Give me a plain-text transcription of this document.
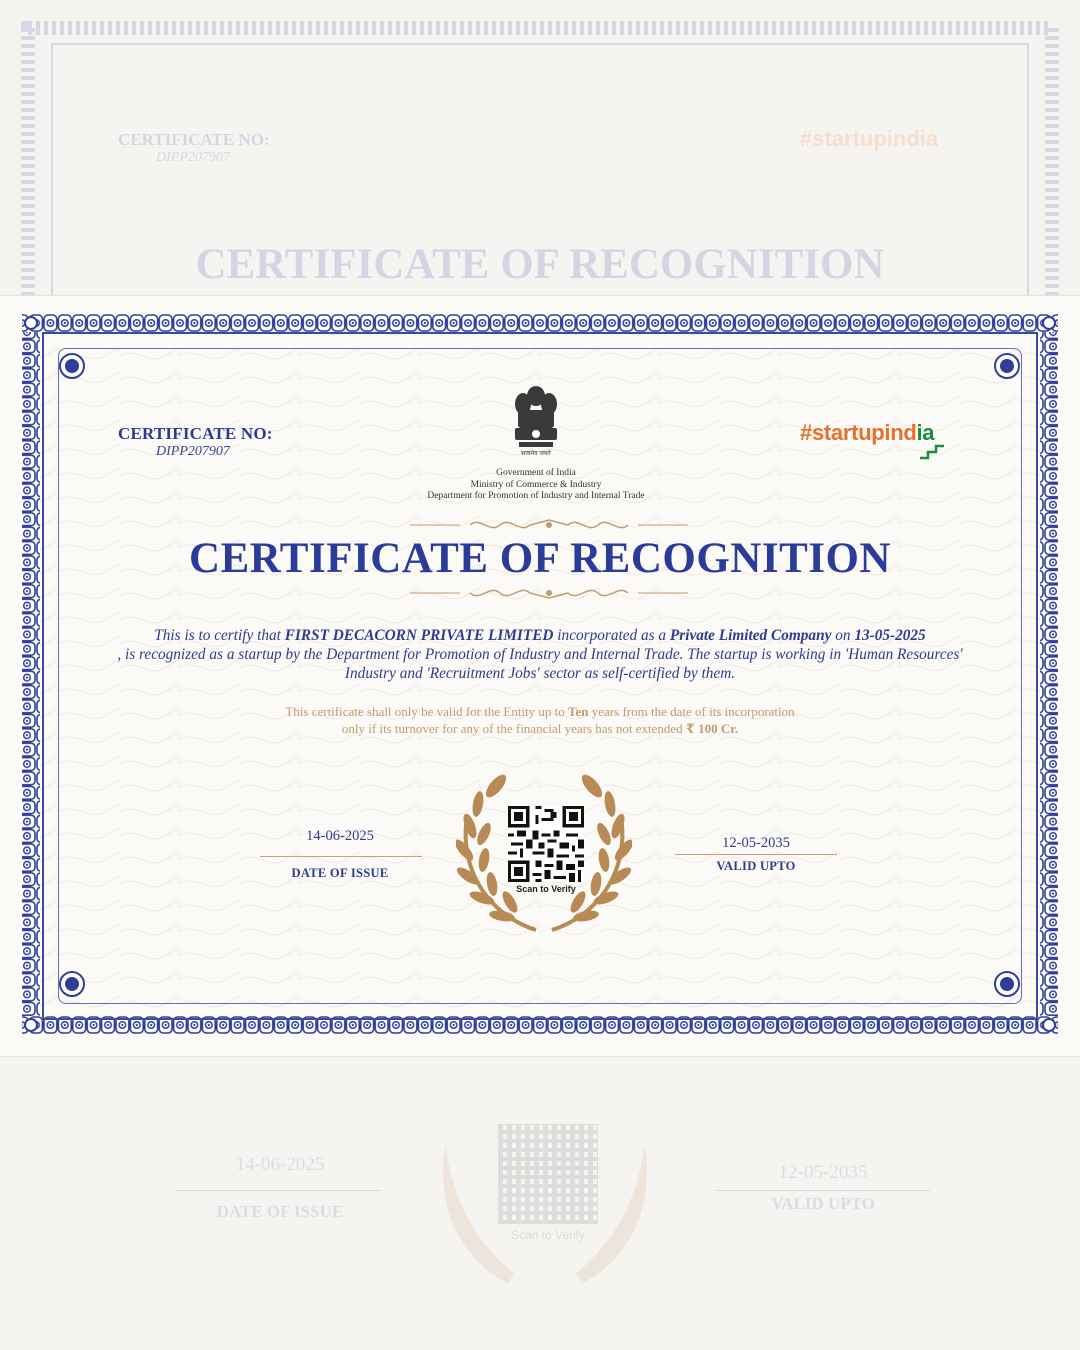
CERTIFICATE NO:
DIPP207907
CERTIFICATE OF RECOGNITION
#startupindia
14-06-2025
DATE OF ISSUE
12-05-2035
VALID UPTO
Scan to Verify
CERTIFICATE NO:
DIPP207907	सत्यमेव जयते
Government of India
Ministry of Commerce & Industry
Department for Promotion of Industry and Internal Trade
CERTIFICATE OF RECOGNITION
#startupindia
This is to certify that FIRST DECACORN PRIVATE LIMITED incorporated as a Private Limited Company on 13-05-2025
, is recognized as a startup by the Department for Promotion of Industry and Internal Trade. The startup is working in 'Human Resources' Industry and 'Recruitment Jobs' sector as self-certified by them.
This certificate shall only be valid for the Entity up to Ten years from the date of its incorporation
only if its turnover for any of the financial years has not extended ₹ 100 Cr.
Scan to Verify
14-06-2025
DATE OF ISSUE
12-05-2035
VALID UPTO
